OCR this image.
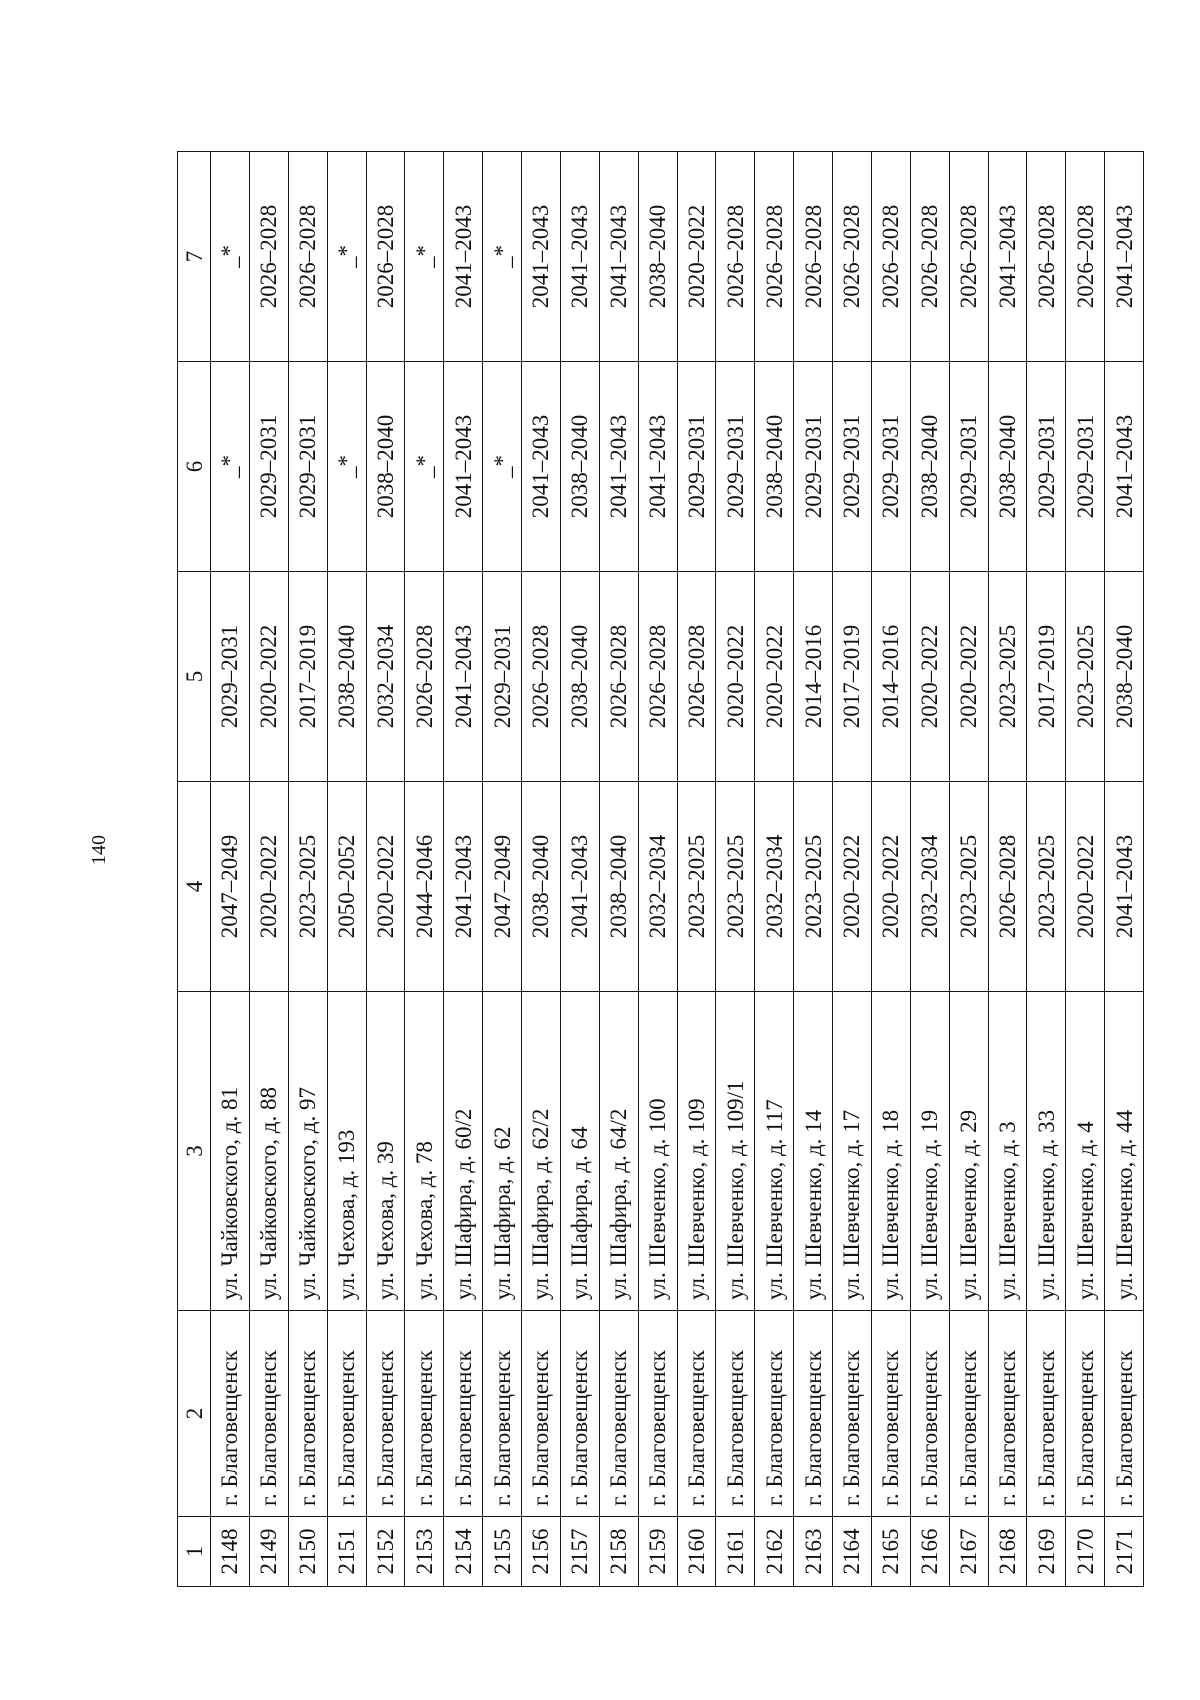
140
1	2	3	4	5	6	7
2148	г. Благовещенск	ул. Чайковского, д. 81	2047–2049	2029–2031	_*	_*
2149	г. Благовещенск	ул. Чайковского, д. 88	2020–2022	2020–2022	2029–2031	2026–2028
2150	г. Благовещенск	ул. Чайковского, д. 97	2023–2025	2017–2019	2029–2031	2026–2028
2151	г. Благовещенск	ул. Чехова, д. 193	2050–2052	2038–2040	_*	_*
2152	г. Благовещенск	ул. Чехова, д. 39	2020–2022	2032–2034	2038–2040	2026–2028
2153	г. Благовещенск	ул. Чехова, д. 78	2044–2046	2026–2028	_*	_*
2154	г. Благовещенск	ул. Шафира, д. 60/2	2041–2043	2041–2043	2041–2043	2041–2043
2155	г. Благовещенск	ул. Шафира, д. 62	2047–2049	2029–2031	_*	_*
2156	г. Благовещенск	ул. Шафира, д. 62/2	2038–2040	2026–2028	2041–2043	2041–2043
2157	г. Благовещенск	ул. Шафира, д. 64	2041–2043	2038–2040	2038–2040	2041–2043
2158	г. Благовещенск	ул. Шафира, д. 64/2	2038–2040	2026–2028	2041–2043	2041–2043
2159	г. Благовещенск	ул. Шевченко, д. 100	2032–2034	2026–2028	2041–2043	2038–2040
2160	г. Благовещенск	ул. Шевченко, д. 109	2023–2025	2026–2028	2029–2031	2020–2022
2161	г. Благовещенск	ул. Шевченко, д. 109/1	2023–2025	2020–2022	2029–2031	2026–2028
2162	г. Благовещенск	ул. Шевченко, д. 117	2032–2034	2020–2022	2038–2040	2026–2028
2163	г. Благовещенск	ул. Шевченко, д. 14	2023–2025	2014–2016	2029–2031	2026–2028
2164	г. Благовещенск	ул. Шевченко, д. 17	2020–2022	2017–2019	2029–2031	2026–2028
2165	г. Благовещенск	ул. Шевченко, д. 18	2020–2022	2014–2016	2029–2031	2026–2028
2166	г. Благовещенск	ул. Шевченко, д. 19	2032–2034	2020–2022	2038–2040	2026–2028
2167	г. Благовещенск	ул. Шевченко, д. 29	2023–2025	2020–2022	2029–2031	2026–2028
2168	г. Благовещенск	ул. Шевченко, д. 3	2026–2028	2023–2025	2038–2040	2041–2043
2169	г. Благовещенск	ул. Шевченко, д. 33	2023–2025	2017–2019	2029–2031	2026–2028
2170	г. Благовещенск	ул. Шевченко, д. 4	2020–2022	2023–2025	2029–2031	2026–2028
2171	г. Благовещенск	ул. Шевченко, д. 44	2041–2043	2038–2040	2041–2043	2041–2043
